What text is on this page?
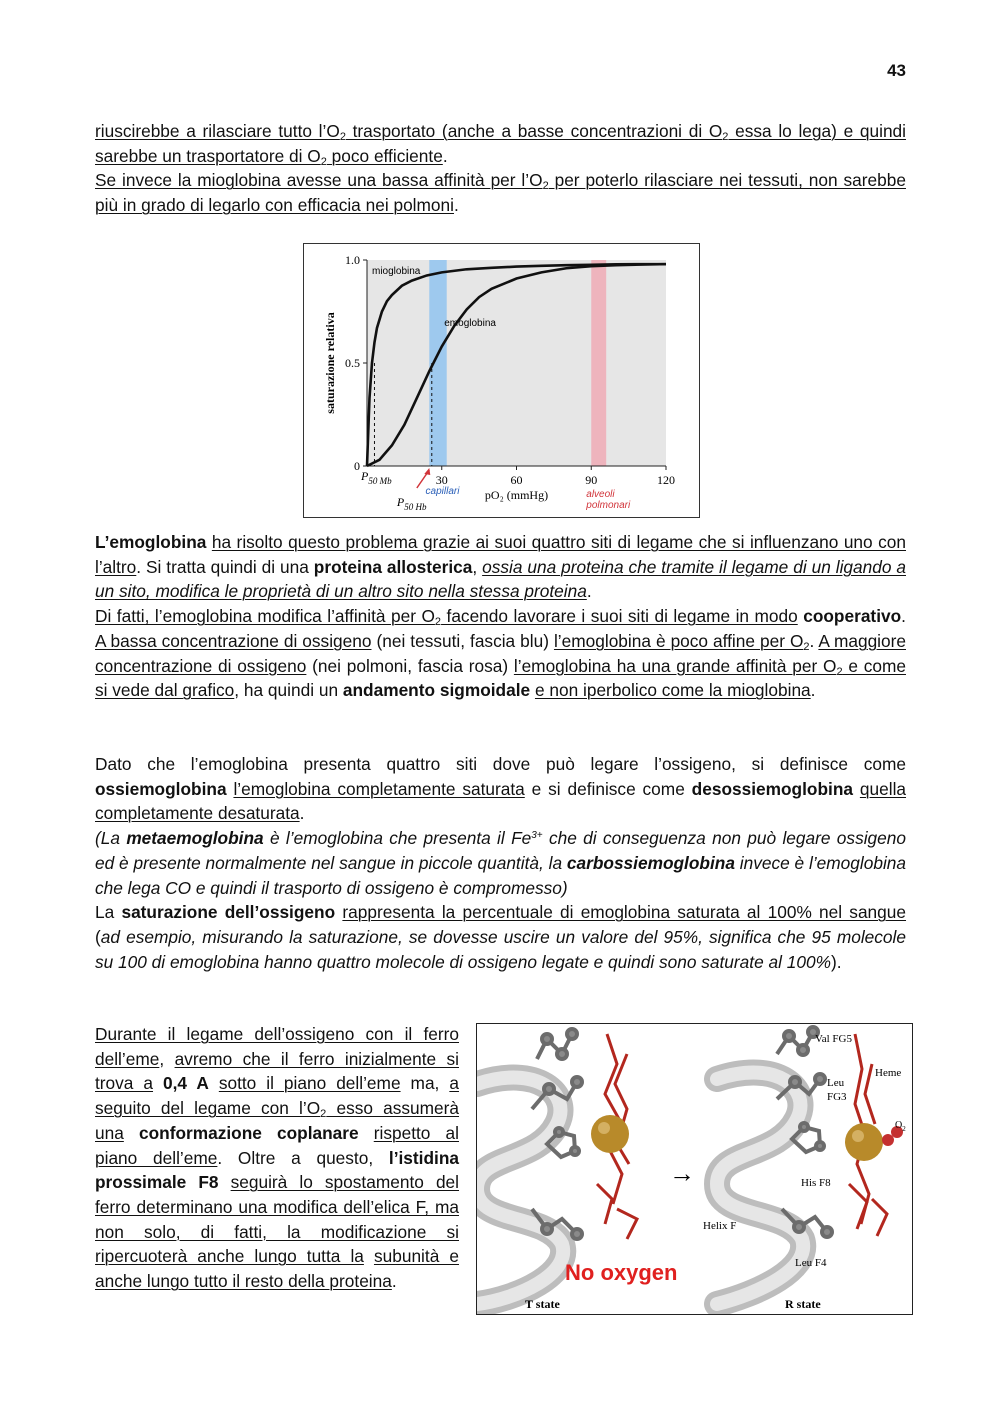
43

riuscirebbe a rilasciare tutto $l’O_2$ trasportato (anche a basse concentrazioni di $O_2$ essa lo lega) e quindi sarebbe un trasportatore di $O_2$ poco efficiente.

Se invece la mioglobina avesse una bassa affinità per $l’O_2$ per poterlo rilasciare nei tessuti, non sarebbe più in grado di legarlo con efficacia nei polmoni.

0
0.5
1.0
30	60	90	120
mioglobina
emoglobina
$P_{50 Mb}$
$P_{50 Hb}$
capillari	alveoli
polmonari
pO₂ (mmHg)
saturazione relativa

L’emoglobina ha risolto questo problema grazie ai suoi quattro siti di legame che si influenzano uno con l’altro. Si tratta quindi di una proteina allosterica, ossia una proteina che tramite il legame di un ligando a un sito, modifica le proprietà di un altro sito nella stessa proteina.

Di fatti, l’emoglobina modifica l’affinità per $O_2$ facendo lavorare i suoi siti di legame in modo cooperativo. A bassa concentrazione di ossigeno (nei tessuti, fascia blu) l’emoglobina è poco affine per $O_2$. A maggiore concentrazione di ossigeno (nei polmoni, fascia rosa) l’emoglobina ha una grande affinità per $O_2$ e come si vede dal grafico, ha quindi un andamento sigmoidale e non iperbolico come la mioglobina.

Dato che l’emoglobina presenta quattro siti dove può legare l’ossigeno, si definisce come ossiemoglobina l’emoglobina completamente saturata e si definisce come desossiemoglobina quella completamente desaturata.

(La metaemoglobina è l’emoglobina che presenta il $Fe^{3+}$ che di conseguenza non può legare ossigeno ed è presente normalmente nel sangue in piccole quantità, la carbossiemoglobina invece è l’emoglobina che lega CO e quindi il trasporto di ossigeno è compromesso)

La saturazione dell’ossigeno rappresenta la percentuale di emoglobina saturata al 100% nel sangue (ad esempio, misurando la saturazione, se dovesse uscire un valore del 95%, significa che 95 molecole su 100 di emoglobina hanno quattro molecole di ossigeno legate e quindi sono saturate al 100%).

Durante il legame dell’ossigeno con il ferro dell’eme, avremo che il ferro inizialmente si trova a 0,4 A sotto il piano dell’eme ma, a seguito del legame con $l’O_2$ esso assumerà una conformazione coplanare rispetto al piano dell’eme. Oltre a questo, l’istidina prossimale F8 seguirà lo spostamento del ferro determinano una modifica dell’elica F, ma non solo, di fatti, la modificazione si ripercuoterà anche lungo tutta la subunità e anche lungo tutto il resto della proteina.

→
Val FG5
Heme
Leu
FG3
$O_2$
His F8
Helix F
Leu F4
No oxygen
T state	R state
